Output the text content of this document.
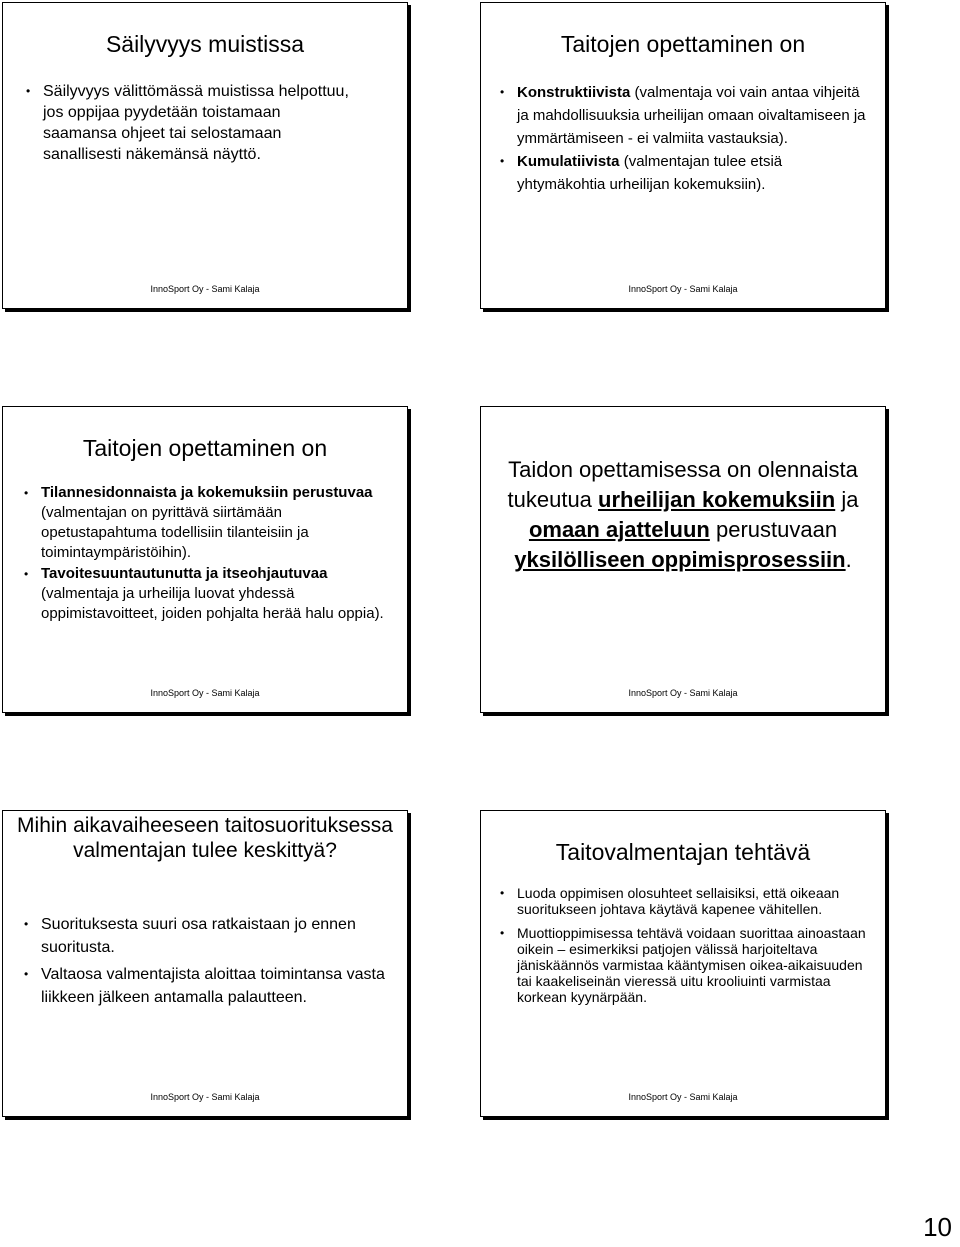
Säilyvyys muistissa
• Säilyvyys välittömässä muistissa helpottuu, jos oppijaa pyydetään toistamaan saamansa ohjeet tai selostamaan sanallisesti näkemänsä näyttö.
InnoSport Oy - Sami Kalaja
Taitojen opettaminen on
• Konstruktiivista (valmentaja voi vain antaa vihjeitä ja mahdollisuuksia urheilijan omaan oivaltamiseen ja ymmärtämiseen - ei valmiita vastauksia).
• Kumulatiivista (valmentajan tulee etsiä yhtymäkohtia urheilijan kokemuksiin).
InnoSport Oy - Sami Kalaja
Taitojen opettaminen on
• Tilannesidonnaista ja kokemuksiin perustuvaa (valmentajan on pyrittävä siirtämään opetustapahtuma todellisiin tilanteisiin ja toimintaympäristöihin).
• Tavoitesuuntautunutta ja itseohjautuvaa (valmentaja ja urheilija luovat yhdessä oppimistavoitteet, joiden pohjalta herää halu oppia).
InnoSport Oy - Sami Kalaja
Taidon opettamisessa on olennaista tukeutua urheilijan kokemuksiin ja omaan ajatteluun perustuvaan yksilölliseen oppimisprosessiin.
InnoSport Oy - Sami Kalaja
Mihin aikavaiheeseen taitosuorituksessa valmentajan tulee keskittyä?
• Suorituksesta suuri osa ratkaistaan jo ennen suoritusta.
• Valtaosa valmentajista aloittaa toimintansa vasta liikkeen jälkeen antamalla palautteen.
InnoSport Oy - Sami Kalaja
Taitovalmentajan tehtävä
• Luoda oppimisen olosuhteet sellaisiksi, että oikeaan suoritukseen johtava käytävä kapenee vähitellen.
• Muottioppimisessa tehtävä voidaan suorittaa ainoastaan oikein – esimerkiksi patjojen välissä harjoiteltava jäniskäännös varmistaa kääntymisen oikea-aikaisuuden tai kaakeliseinän vieressä uitu krooliuinti varmistaa korkean kyynärpään.
InnoSport Oy - Sami Kalaja
10
